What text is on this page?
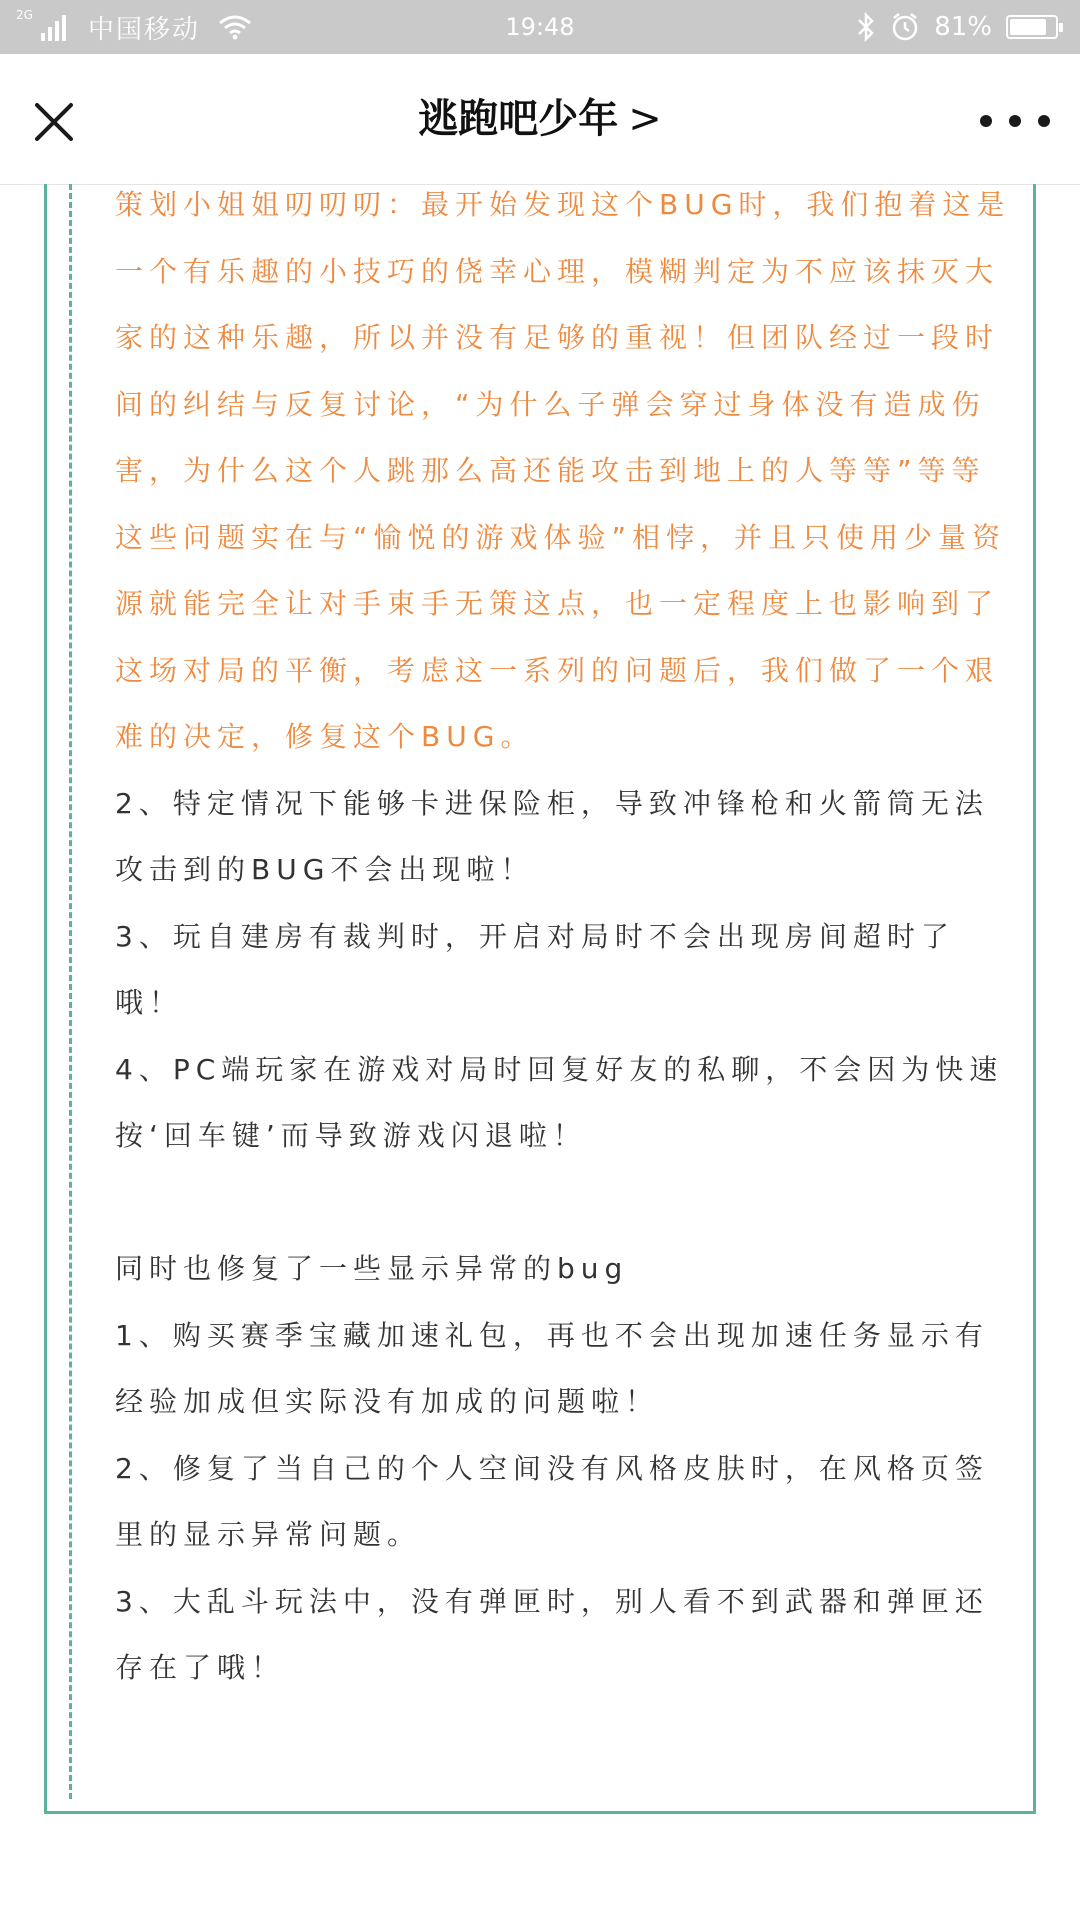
2G 中国移动	19:48	81%
逃跑吧少年 >

策划小姐姐叨叨叨：最开始发现这个BUG时，我们抱着这是一个有乐趣的小技巧的侥幸心理，模糊判定为不应该抹灭大家的这种乐趣，所以并没有足够的重视！但团队经过一段时间的纠结与反复讨论，“为什么子弹会穿过身体没有造成伤害，为什么这个人跳那么高还能攻击到地上的人等等”等等这些问题实在与“愉悦的游戏体验”相悖，并且只使用少量资源就能完全让对手束手无策这点，也一定程度上也影响到了这场对局的平衡，考虑这一系列的问题后，我们做了一个艰难的决定，修复这个BUG。

2、特定情况下能够卡进保险柜，导致冲锋枪和火箭筒无法攻击到的BUG不会出现啦！

3、玩自建房有裁判时，开启对局时不会出现房间超时了哦！

4、PC端玩家在游戏对局时回复好友的私聊，不会因为快速按‘回车键’而导致游戏闪退啦！

同时也修复了一些显示异常的bug

1、购买赛季宝藏加速礼包，再也不会出现加速任务显示有经验加成但实际没有加成的问题啦！

2、修复了当自己的个人空间没有风格皮肤时，在风格页签里的显示异常问题。

3、大乱斗玩法中，没有弹匣时，别人看不到武器和弹匣还存在了哦！
